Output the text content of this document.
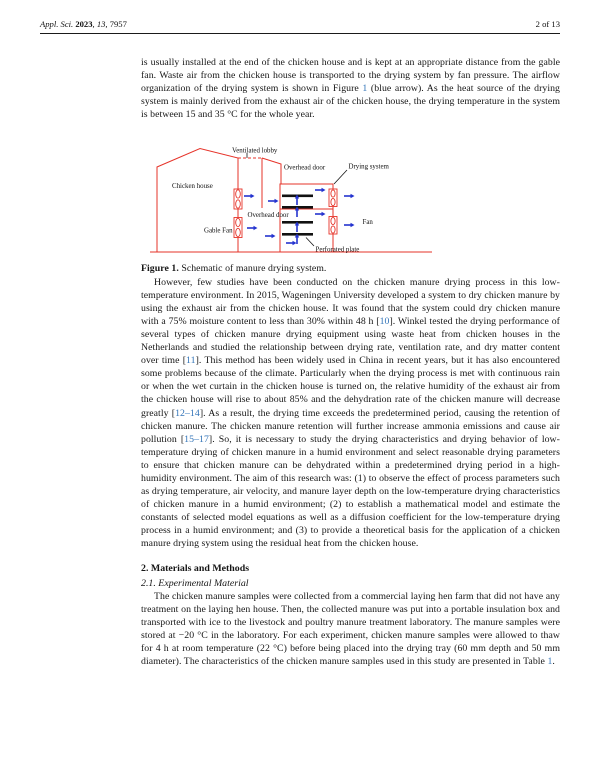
Appl. Sci. 2023, 13, 7957	2 of 13

is usually installed at the end of the chicken house and is kept at an appropriate distance from the gable fan. Waste air from the chicken house is transported to the drying system by fan pressure. The airflow organization of the drying system is shown in Figure 1 (blue arrow). As the heat source of the drying system is mainly derived from the exhaust air of the chicken house, the drying temperature in the system is between 15 and 35 °C for the whole year.

Ventilated lobby
Chicken house
Overhead door	Drying system
Overhead door
Gable Fan
Fan
Perforated plate

Figure 1. Schematic of manure drying system.

However, few studies have been conducted on the chicken manure drying process in this low-temperature environment. In 2015, Wageningen University developed a system to dry chicken manure by using the exhaust air from the chicken house. It was found that the system could dry chicken manure with a 75% moisture content to less than 30% within 48 h [10]. Winkel tested the drying performance of several types of chicken manure drying equipment using waste heat from chicken houses in the Netherlands and studied the relationship between drying rate, ventilation rate, and dry matter content over time [11]. This method has been widely used in China in recent years, but it has also encountered some problems because of the climate. Particularly when the drying process is met with continuous rain or when the wet curtain in the chicken house is turned on, the relative humidity of the exhaust air from the chicken house will rise to about 85% and the dehydration rate of the chicken manure will decrease greatly [12–14]. As a result, the drying time exceeds the predetermined period, causing the retention of chicken manure. The chicken manure retention will further increase ammonia emissions and cause air pollution [15–17]. So, it is necessary to study the drying characteristics and drying behavior of low-temperature drying of chicken manure in a humid environment and select reasonable drying parameters to ensure that chicken manure can be dehydrated within a predetermined drying period in a high-humidity environment. The aim of this research was: (1) to observe the effect of process parameters such as drying temperature, air velocity, and manure layer depth on the low-temperature drying characteristics of chicken manure in a humid environment; (2) to establish a mathematical model and estimate the constants of selected model equations as well as a diffusion coefficient for the low-temperature drying process in a humid environment; and (3) to provide a theoretical basis for the application of a chicken manure drying system using the residual heat from the chicken house.

2. Materials and Methods
2.1. Experimental Material

The chicken manure samples were collected from a commercial laying hen farm that did not have any treatment on the laying hen house. Then, the collected manure was put into a portable insulation box and transported with ice to the livestock and poultry manure treatment laboratory. The manure samples were stored at −20 °C in the laboratory. For each experiment, chicken manure samples were allowed to thaw for 4 h at room temperature (22 °C) before being placed into the drying tray (60 mm depth and 50 mm diameter). The characteristics of the chicken manure samples used in this study are presented in Table 1.
